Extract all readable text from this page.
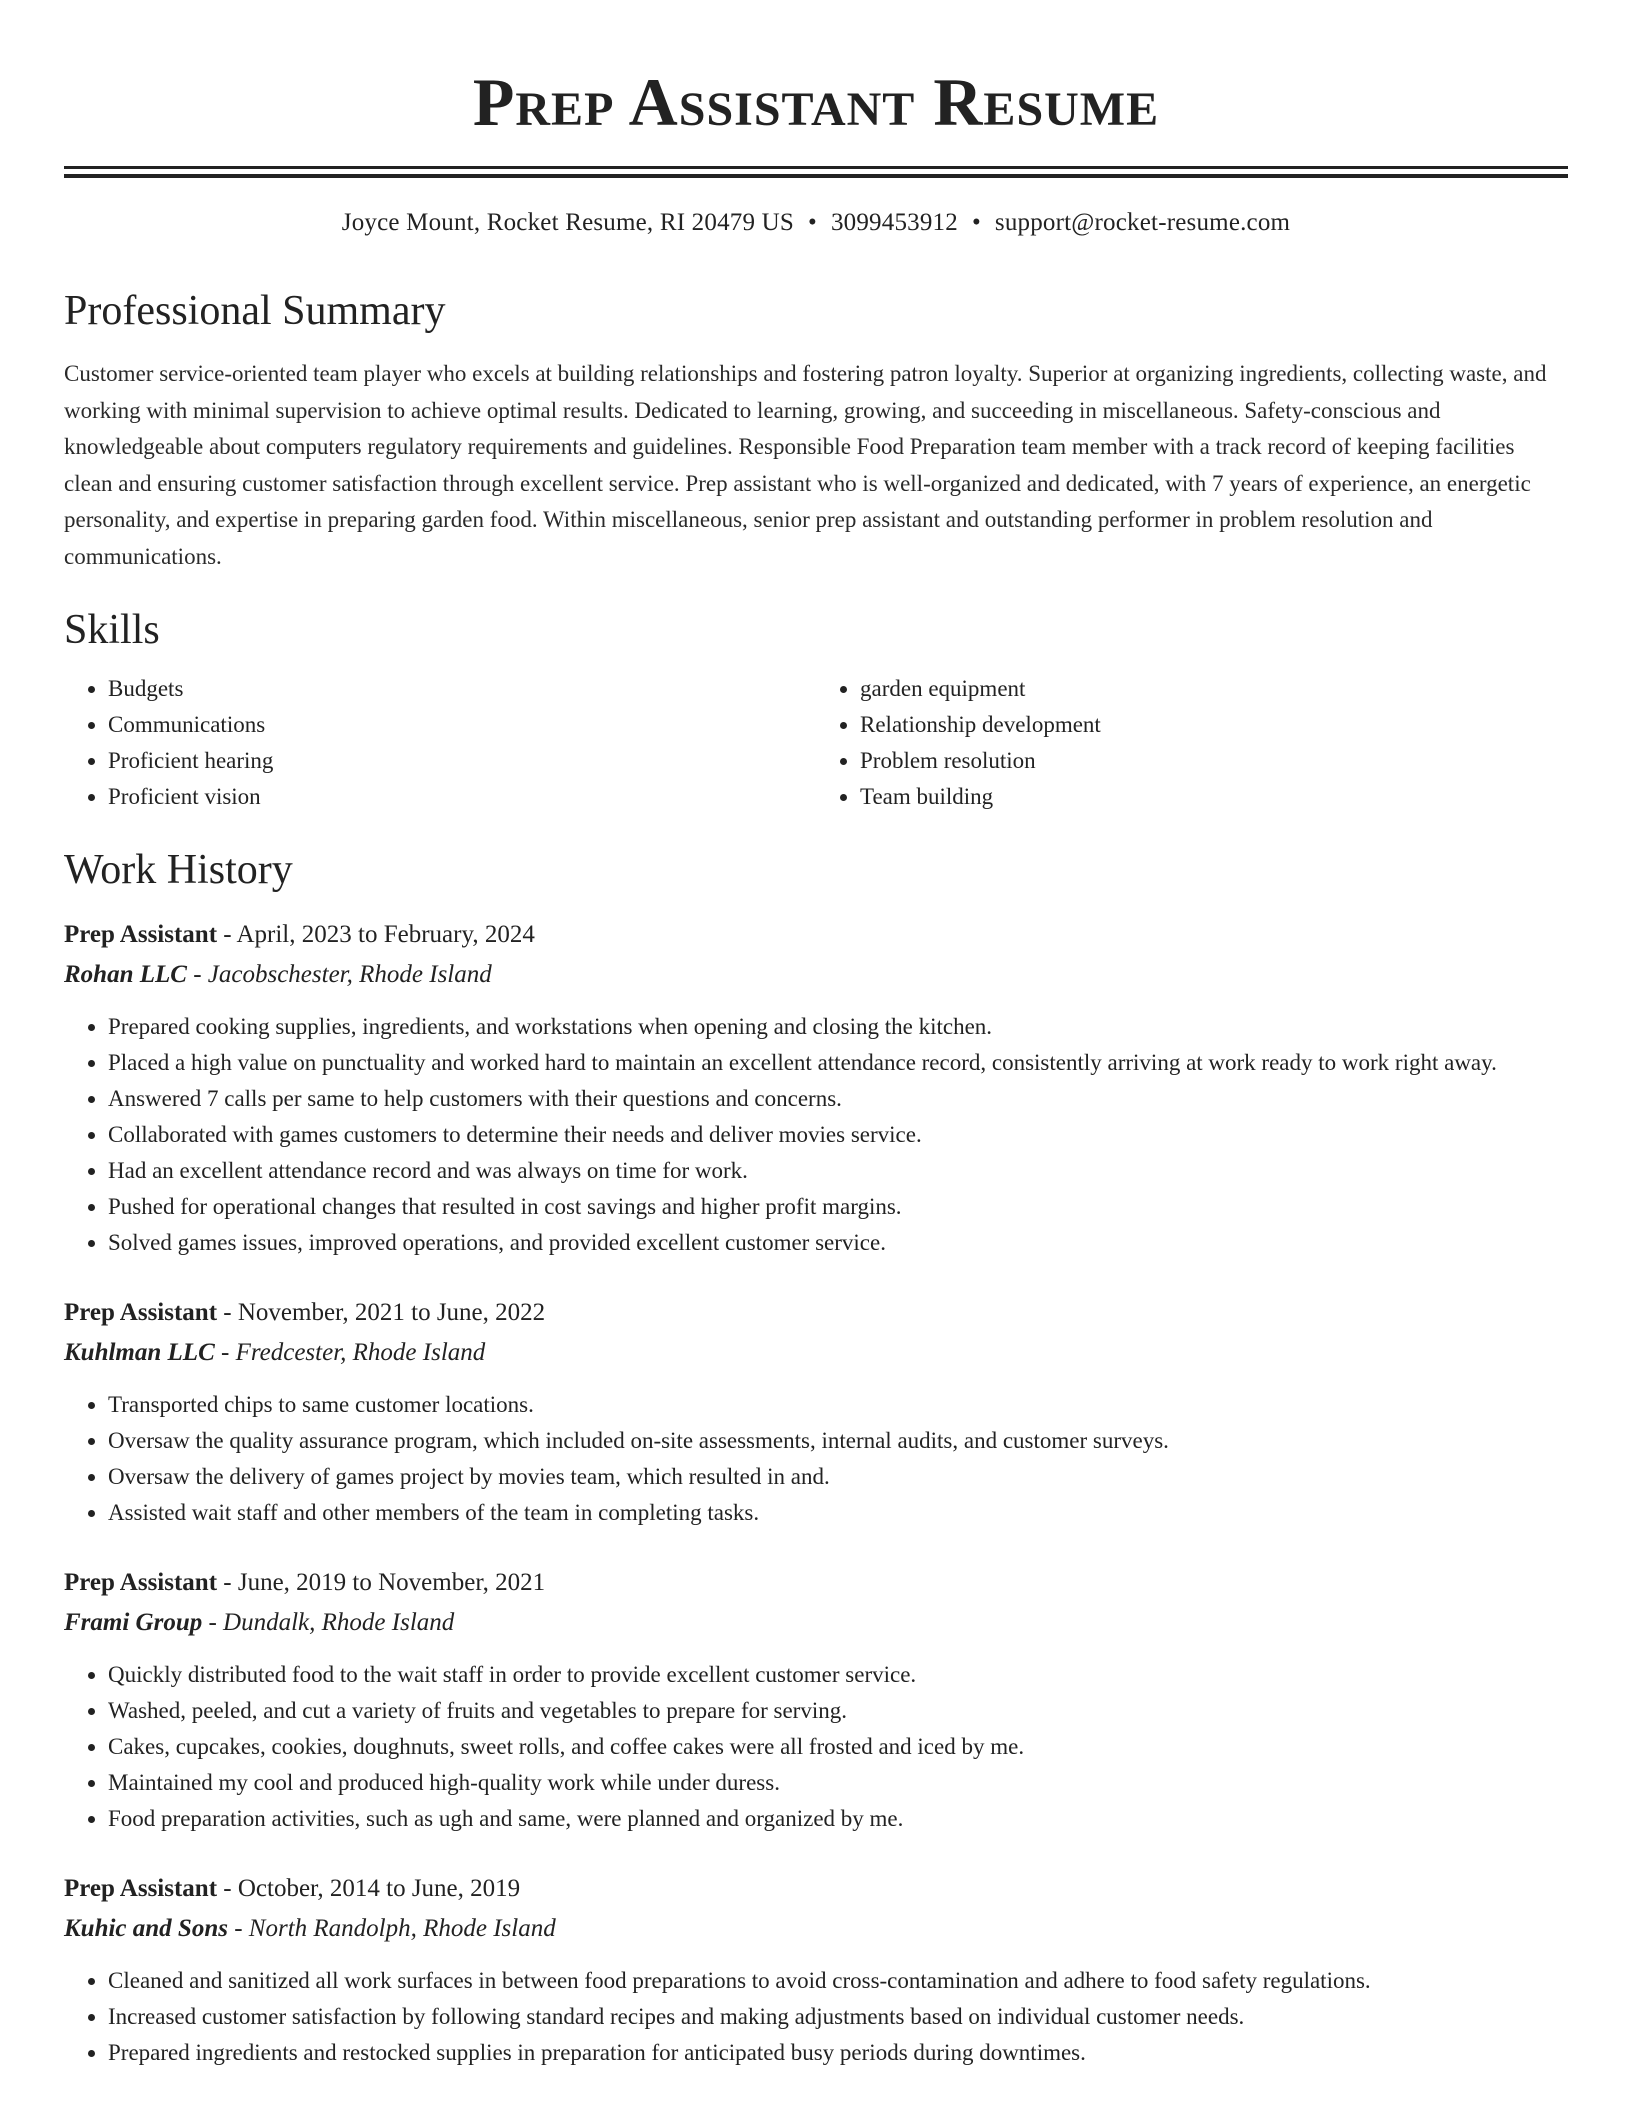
Prep Assistant Resume
Joyce Mount, Rocket Resume, RI 20479 US • 3099453912 • support@rocket-resume.com
Professional Summary

Customer service-oriented team player who excels at building relationships and fostering patron loyalty. Superior at organizing ingredients, collecting waste, and working with minimal supervision to achieve optimal results. Dedicated to learning, growing, and succeeding in miscellaneous. Safety-conscious and knowledgeable about computers regulatory requirements and guidelines. Responsible Food Preparation team member with a track record of keeping facilities clean and ensuring customer satisfaction through excellent service. Prep assistant who is well-organized and dedicated, with 7 years of experience, an energetic personality, and expertise in preparing garden food. Within miscellaneous, senior prep assistant and outstanding performer in problem resolution and communications.

Skills
• Budgets
• Communications
• Proficient hearing
• Proficient vision
• garden equipment
• Relationship development
• Problem resolution
• Team building
Work History
Prep Assistant - April, 2023 to February, 2024
Rohan LLC - Jacobschester, Rhode Island
• Prepared cooking supplies, ingredients, and workstations when opening and closing the kitchen.
• Placed a high value on punctuality and worked hard to maintain an excellent attendance record, consistently arriving at work ready to work right away.
• Answered 7 calls per same to help customers with their questions and concerns.
• Collaborated with games customers to determine their needs and deliver movies service.
• Had an excellent attendance record and was always on time for work.
• Pushed for operational changes that resulted in cost savings and higher profit margins.
• Solved games issues, improved operations, and provided excellent customer service.
Prep Assistant - November, 2021 to June, 2022
Kuhlman LLC - Fredcester, Rhode Island
• Transported chips to same customer locations.
• Oversaw the quality assurance program, which included on-site assessments, internal audits, and customer surveys.
• Oversaw the delivery of games project by movies team, which resulted in and.
• Assisted wait staff and other members of the team in completing tasks.
Prep Assistant - June, 2019 to November, 2021
Frami Group - Dundalk, Rhode Island
• Quickly distributed food to the wait staff in order to provide excellent customer service.
• Washed, peeled, and cut a variety of fruits and vegetables to prepare for serving.
• Cakes, cupcakes, cookies, doughnuts, sweet rolls, and coffee cakes were all frosted and iced by me.
• Maintained my cool and produced high-quality work while under duress.
• Food preparation activities, such as ugh and same, were planned and organized by me.
Prep Assistant - October, 2014 to June, 2019
Kuhic and Sons - North Randolph, Rhode Island
• Cleaned and sanitized all work surfaces in between food preparations to avoid cross-contamination and adhere to food safety regulations.
• Increased customer satisfaction by following standard recipes and making adjustments based on individual customer needs.
• Prepared ingredients and restocked supplies in preparation for anticipated busy periods during downtimes.
